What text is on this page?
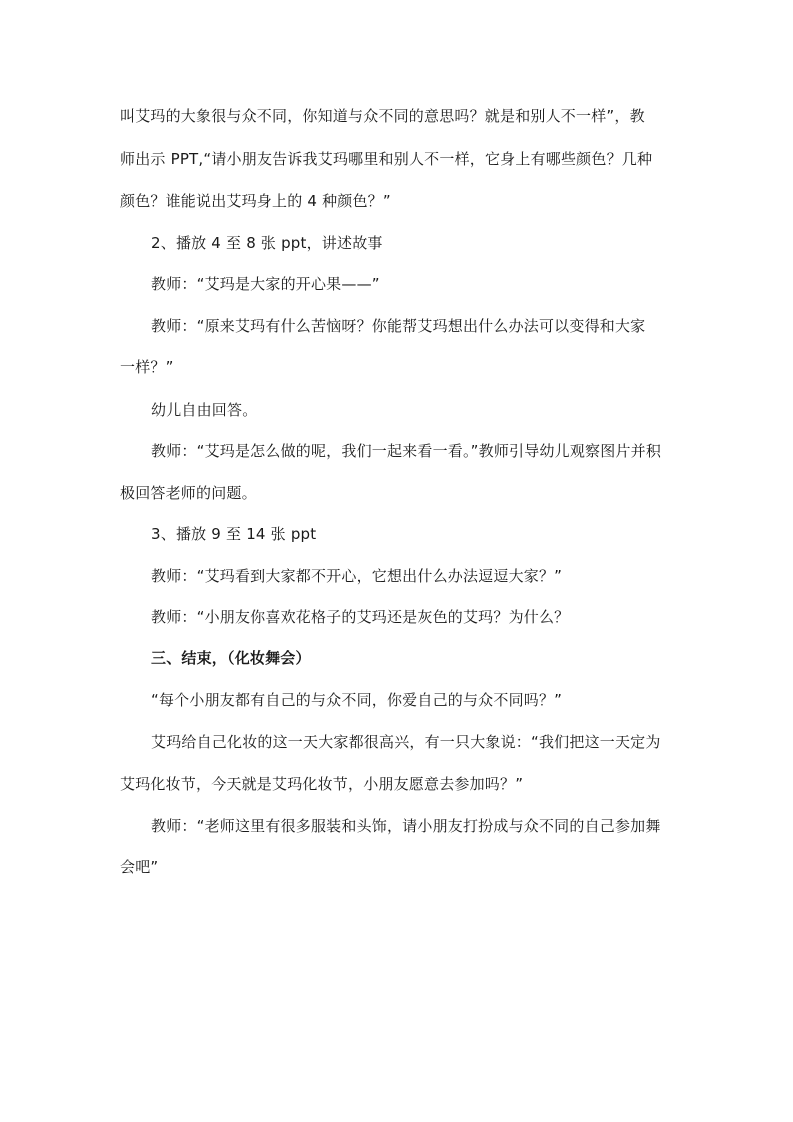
叫艾玛的大象很与众不同，你知道与众不同的意思吗？就是和别人不一样”，教
师出示 PPT,“请小朋友告诉我艾玛哪里和别人不一样，它身上有哪些颜色？几种
颜色？谁能说出艾玛身上的 4 种颜色？”
2、播放 4 至 8 张 ppt，讲述故事
教师：“艾玛是大家的开心果——”
教师：“原来艾玛有什么苦恼呀？你能帮艾玛想出什么办法可以变得和大家
一样？”
幼儿自由回答。
教师：“艾玛是怎么做的呢，我们一起来看一看。”教师引导幼儿观察图片并积
极回答老师的问题。
3、播放 9 至 14 张 ppt
教师：“艾玛看到大家都不开心，它想出什么办法逗逗大家？”
教师：“小朋友你喜欢花格子的艾玛还是灰色的艾玛？为什么？
三、结束，（化妆舞会）
“每个小朋友都有自己的与众不同，你爱自己的与众不同吗？”
艾玛给自己化妆的这一天大家都很高兴，有一只大象说：“我们把这一天定为
艾玛化妆节，今天就是艾玛化妆节，小朋友愿意去参加吗？”
教师：“老师这里有很多服装和头饰，请小朋友打扮成与众不同的自己参加舞
会吧”
